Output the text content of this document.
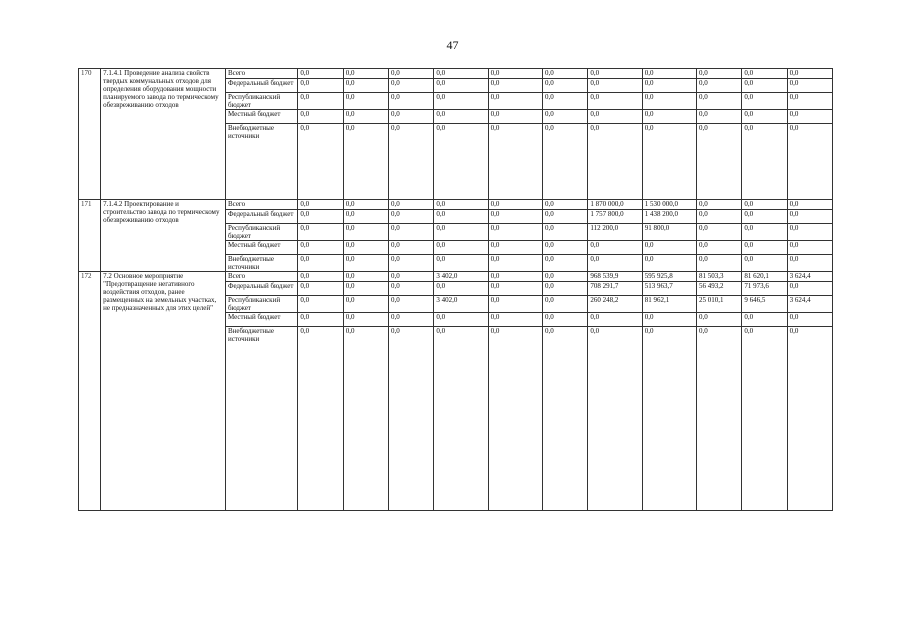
47
170	7.1.4.1 Проведение анализа свойств твердых коммунальных отходов для определения оборудования мощности планируемого завода по термическому обезвреживанию отходов	Всего	0,0	0,0	0,0	0,0	0,0	0,0	0,0	0,0	0,0	0,0	0,0
		Федеральный бюджет	0,0	0,0	0,0	0,0	0,0	0,0	0,0	0,0	0,0	0,0	0,0
		Республиканский бюджет	0,0	0,0	0,0	0,0	0,0	0,0	0,0	0,0	0,0	0,0	0,0
		Местный бюджет	0,0	0,0	0,0	0,0	0,0	0,0	0,0	0,0	0,0	0,0	0,0
		Внебюджетные источники	0,0	0,0	0,0	0,0	0,0	0,0	0,0	0,0	0,0	0,0	0,0
171	7.1.4.2 Проектирование и строительство завода по термическому обезвреживанию отходов	Всего	0,0	0,0	0,0	0,0	0,0	0,0	1 870 000,0	1 530 000,0	0,0	0,0	0,0
		Федеральный бюджет	0,0	0,0	0,0	0,0	0,0	0,0	1 757 800,0	1 438 200,0	0,0	0,0	0,0
		Республиканский бюджет	0,0	0,0	0,0	0,0	0,0	0,0	112 200,0	91 800,0	0,0	0,0	0,0
		Местный бюджет	0,0	0,0	0,0	0,0	0,0	0,0	0,0	0,0	0,0	0,0	0,0
		Внебюджетные источники	0,0	0,0	0,0	0,0	0,0	0,0	0,0	0,0	0,0	0,0	0,0
172	7.2 Основное мероприятие "Предотвращение негативного воздействия отходов, ранее размещенных на земельных участках, не предназначенных для этих целей"	Всего	0,0	0,0	0,0	3 402,0	0,0	0,0	968 539,9	595 925,8	81 503,3	81 620,1	3 624,4
		Федеральный бюджет	0,0	0,0	0,0	0,0	0,0	0,0	708 291,7	513 963,7	56 493,2	71 973,6	0,0
		Республиканский бюджет	0,0	0,0	0,0	3 402,0	0,0	0,0	260 248,2	81 962,1	25 010,1	9 646,5	3 624,4
		Местный бюджет	0,0	0,0	0,0	0,0	0,0	0,0	0,0	0,0	0,0	0,0	0,0
		Внебюджетные источники	0,0	0,0	0,0	0,0	0,0	0,0	0,0	0,0	0,0	0,0	0,0
